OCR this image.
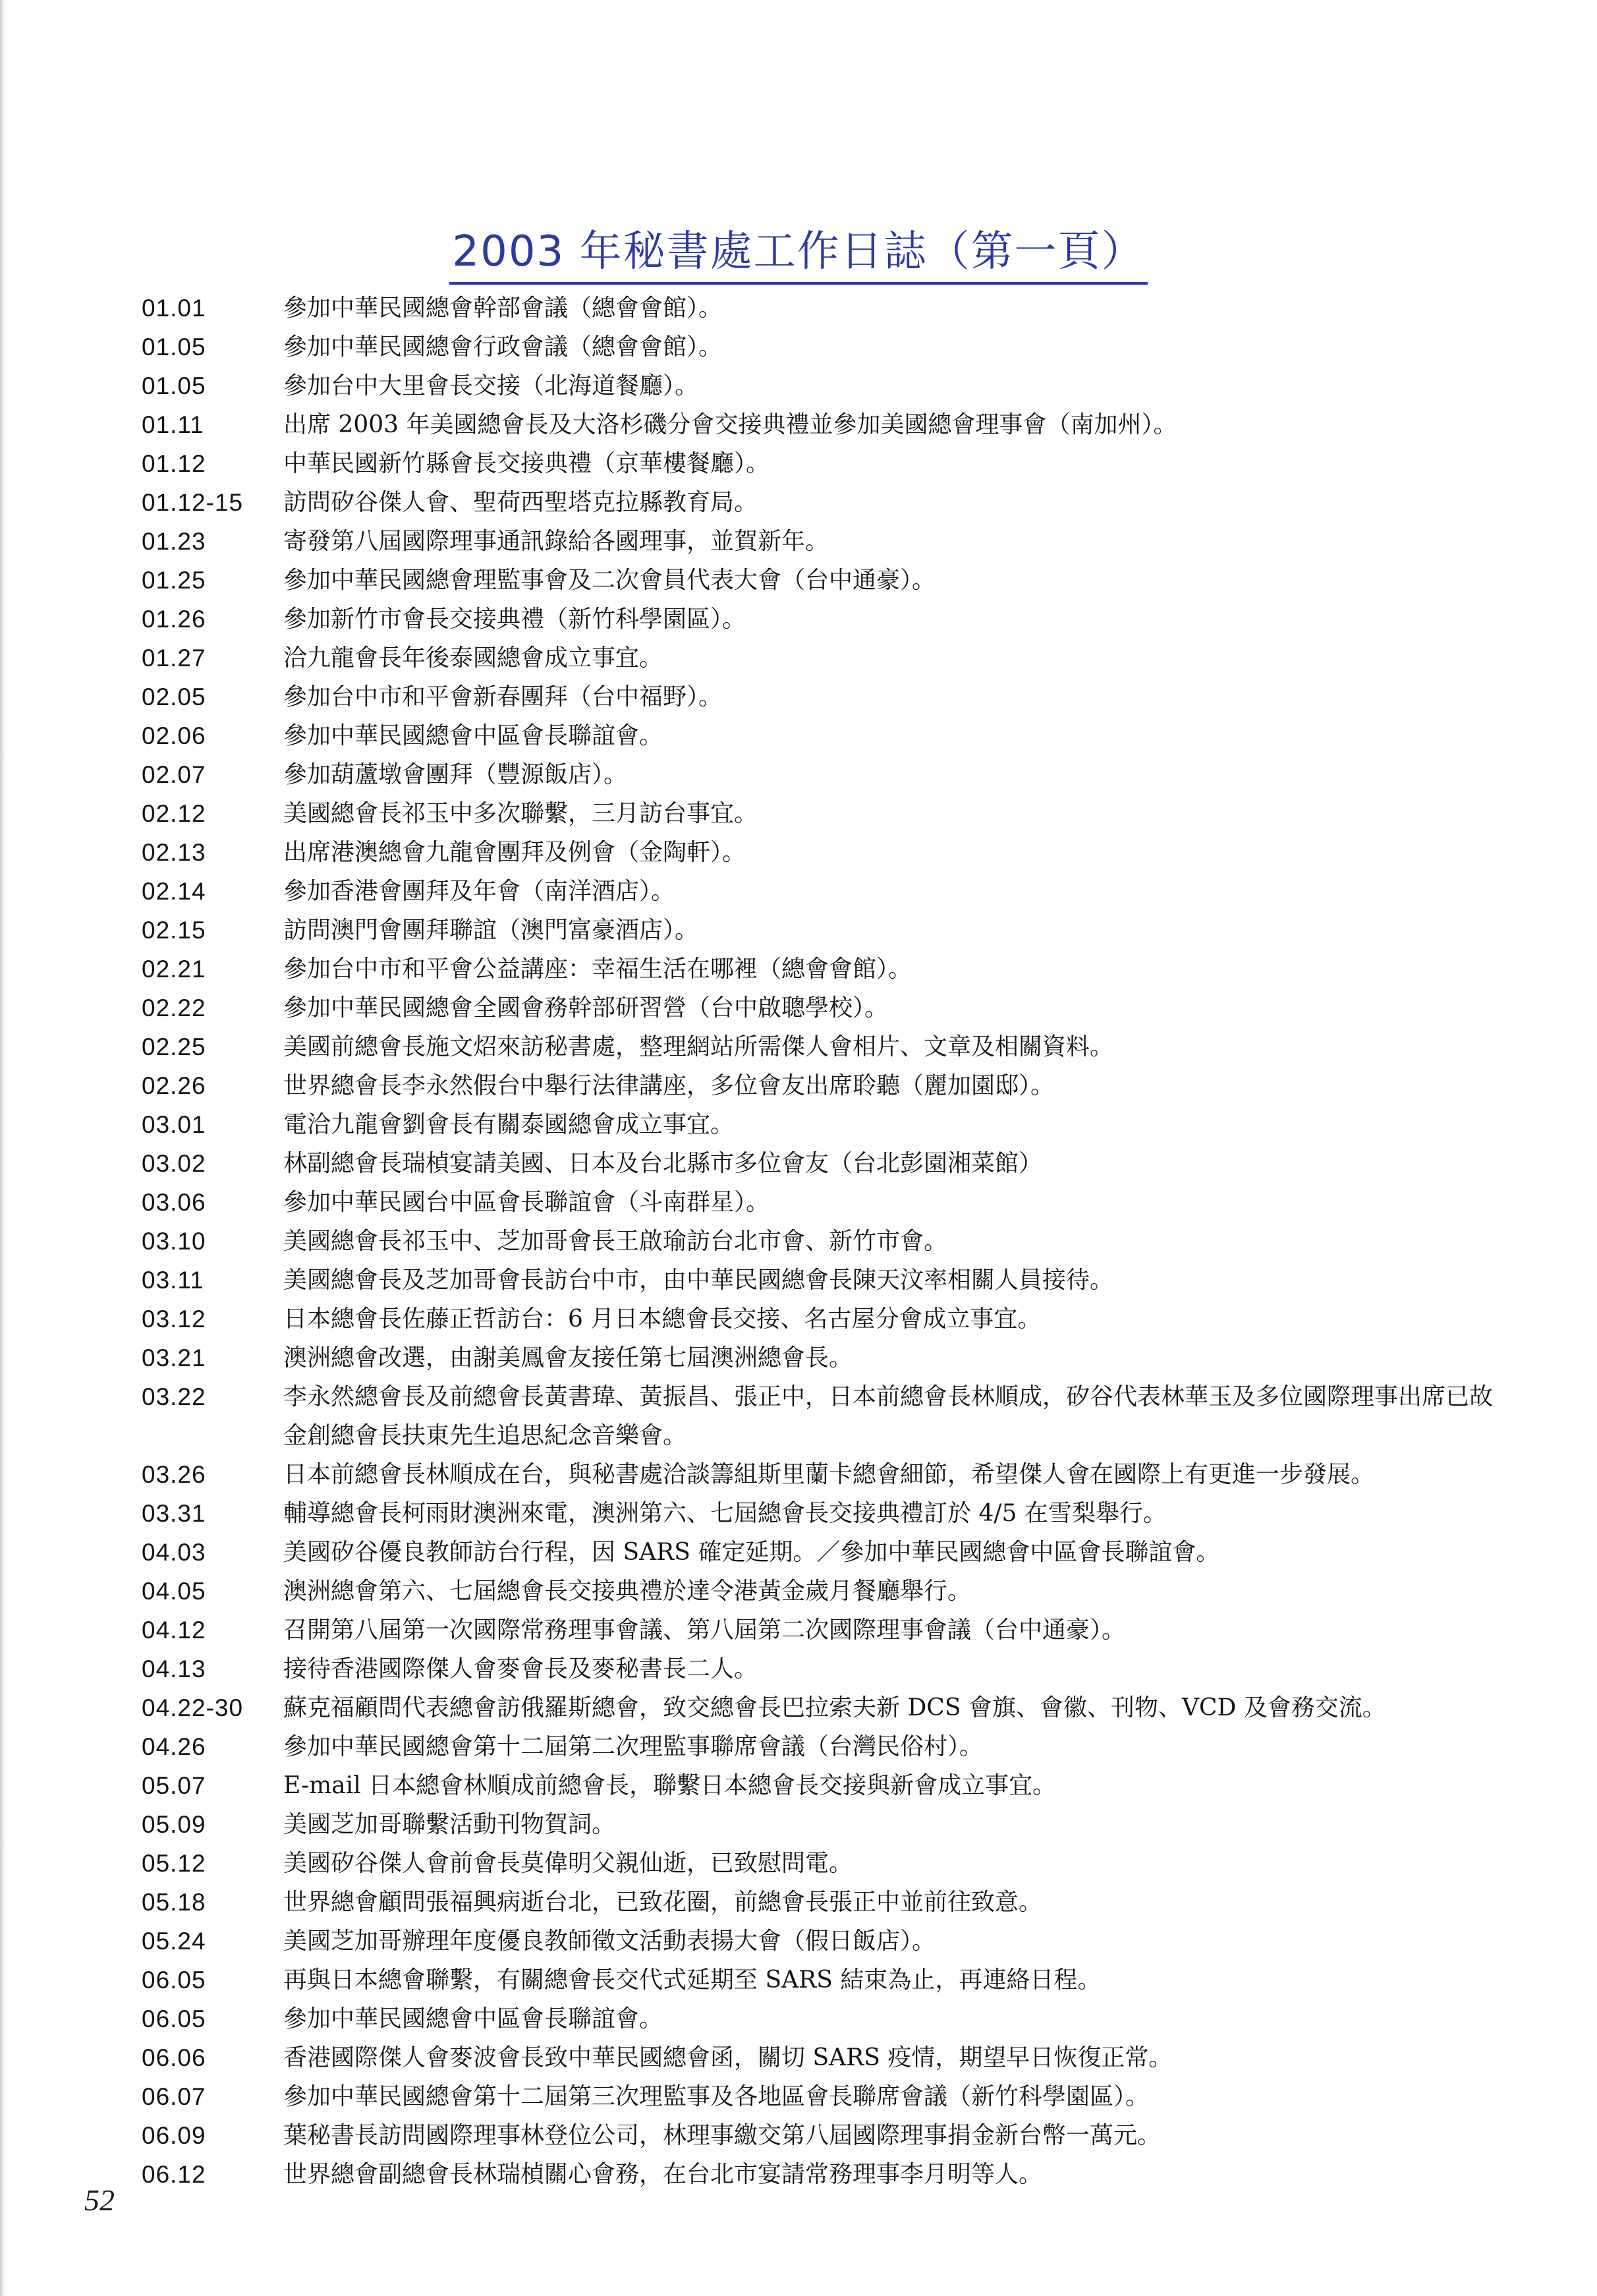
2003 年秘書處工作日誌（第一頁）
01.01	參加中華民國總會幹部會議（總會會館）。
01.05	參加中華民國總會行政會議（總會會館）。
01.05	參加台中大里會長交接（北海道餐廳）。
01.11	出席 2003 年美國總會長及大洛杉磯分會交接典禮並參加美國總會理事會（南加州）。
01.12	中華民國新竹縣會長交接典禮（京華樓餐廳）。
01.12-15	訪問矽谷傑人會、聖荷西聖塔克拉縣教育局。
01.23	寄發第八屆國際理事通訊錄給各國理事，並賀新年。
01.25	參加中華民國總會理監事會及二次會員代表大會（台中通豪）。
01.26	參加新竹市會長交接典禮（新竹科學園區）。
01.27	洽九龍會長年後泰國總會成立事宜。
02.05	參加台中市和平會新春團拜（台中福野）。
02.06	參加中華民國總會中區會長聯誼會。
02.07	參加葫蘆墩會團拜（豐源飯店）。
02.12	美國總會長祁玉中多次聯繫，三月訪台事宜。
02.13	出席港澳總會九龍會團拜及例會（金陶軒）。
02.14	參加香港會團拜及年會（南洋酒店）。
02.15	訪問澳門會團拜聯誼（澳門富豪酒店）。
02.21	參加台中市和平會公益講座：幸福生活在哪裡（總會會館）。
02.22	參加中華民國總會全國會務幹部研習營（台中啟聰學校）。
02.25	美國前總會長施文炤來訪秘書處，整理網站所需傑人會相片、文章及相關資料。
02.26	世界總會長李永然假台中舉行法律講座，多位會友出席聆聽（麗加園邸）。
03.01	電洽九龍會劉會長有關泰國總會成立事宜。
03.02	林副總會長瑞楨宴請美國、日本及台北縣市多位會友（台北彭園湘菜館）
03.06	參加中華民國台中區會長聯誼會（斗南群星）。
03.10	美國總會長祁玉中、芝加哥會長王啟瑜訪台北市會、新竹市會。
03.11	美國總會長及芝加哥會長訪台中市，由中華民國總會長陳天汶率相關人員接待。
03.12	日本總會長佐藤正哲訪台：6 月日本總會長交接、名古屋分會成立事宜。
03.21	澳洲總會改選，由謝美鳳會友接任第七屆澳洲總會長。
03.22	李永然總會長及前總會長黃書瑋、黃振昌、張正中，日本前總會長林順成，矽谷代表林華玉及多位國際理事出席已故　金創總會長扶東先生追思紀念音樂會。
03.26	日本前總會長林順成在台，與秘書處洽談籌組斯里蘭卡總會細節，希望傑人會在國際上有更進一步發展。
03.31	輔導總會長柯雨財澳洲來電，澳洲第六、七屆總會長交接典禮訂於 4/5 在雪梨舉行。
04.03	美國矽谷優良教師訪台行程，因 SARS 確定延期。／參加中華民國總會中區會長聯誼會。
04.05	澳洲總會第六、七屆總會長交接典禮於達令港黃金歲月餐廳舉行。
04.12	召開第八屆第一次國際常務理事會議、第八屆第二次國際理事會議（台中通豪）。
04.13	接待香港國際傑人會麥會長及麥秘書長二人。
04.22-30	蘇克福顧問代表總會訪俄羅斯總會，致交總會長巴拉索夫新 DCS 會旗、會徽、刊物、VCD 及會務交流。
04.26	參加中華民國總會第十二屆第二次理監事聯席會議（台灣民俗村）。
05.07	E-mail 日本總會林順成前總會長，聯繫日本總會長交接與新會成立事宜。
05.09	美國芝加哥聯繫活動刊物賀詞。
05.12	美國矽谷傑人會前會長莫偉明父親仙逝，已致慰問電。
05.18	世界總會顧問張福興病逝台北，已致花圈，前總會長張正中並前往致意。
05.24	美國芝加哥辦理年度優良教師徵文活動表揚大會（假日飯店）。
06.05	再與日本總會聯繫，有關總會長交代式延期至 SARS 結束為止，再連絡日程。
06.05	參加中華民國總會中區會長聯誼會。
06.06	香港國際傑人會麥波會長致中華民國總會函，關切 SARS 疫情，期望早日恢復正常。
06.07	參加中華民國總會第十二屆第三次理監事及各地區會長聯席會議（新竹科學園區）。
06.09	葉秘書長訪問國際理事林登位公司，林理事繳交第八屆國際理事捐金新台幣一萬元。
06.12	世界總會副總會長林瑞楨關心會務，在台北市宴請常務理事李月明等人。
52
